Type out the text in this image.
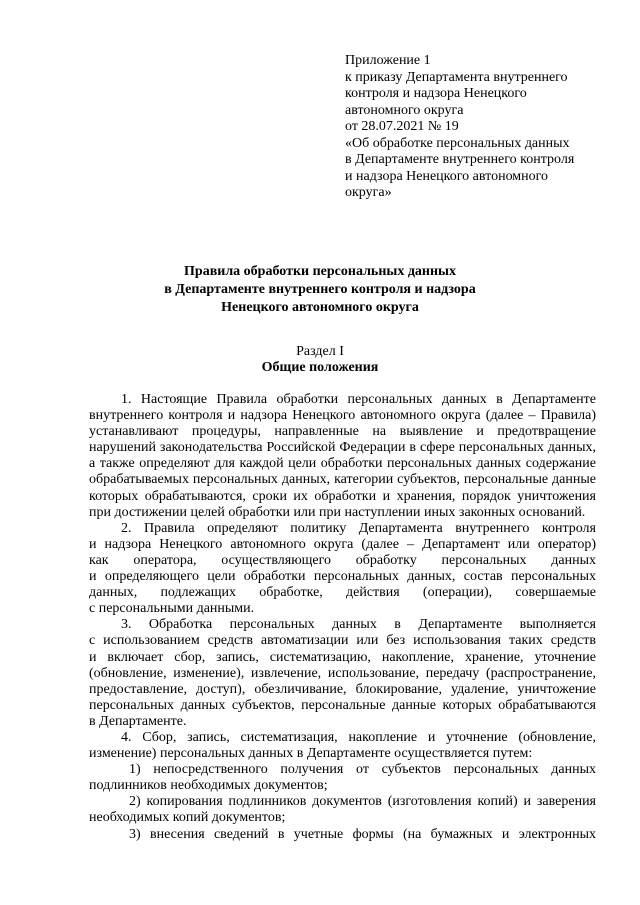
Приложение 1
к приказу Департамента внутреннего
контроля и надзора Ненецкого
автономного округа
от 28.07.2021 № 19
«Об обработке персональных данных
в Департаменте внутреннего контроля
и надзора Ненецкого автономного
округа»
Правила обработки персональных данных
в Департаменте внутреннего контроля и надзора
Ненецкого автономного округа
Раздел I
Общие положения
1. Настоящие Правила обработки персональных данных в Департаменте
внутреннего контроля и надзора Ненецкого автономного округа (далее – Правила)
устанавливают процедуры, направленные на выявление и предотвращение
нарушений законодательства Российской Федерации в сфере персональных данных,
а также определяют для каждой цели обработки персональных данных содержание
обрабатываемых персональных данных, категории субъектов, персональные данные
которых обрабатываются, сроки их обработки и хранения, порядок уничтожения
при достижении целей обработки или при наступлении иных законных оснований.
2. Правила определяют политику Департамента внутреннего контроля
и надзора Ненецкого автономного округа (далее – Департамент или оператор)
как оператора, осуществляющего обработку персональных данных
и определяющего цели обработки персональных данных, состав персональных
данных, подлежащих обработке, действия (операции), совершаемые
с персональными данными.
3. Обработка персональных данных в Департаменте выполняется
с использованием средств автоматизации или без использования таких средств
и включает сбор, запись, систематизацию, накопление, хранение, уточнение
(обновление, изменение), извлечение, использование, передачу (распространение,
предоставление, доступ), обезличивание, блокирование, удаление, уничтожение
персональных данных субъектов, персональные данные которых обрабатываются
в Департаменте.
4. Сбор, запись, систематизация, накопление и уточнение (обновление,
изменение) персональных данных в Департаменте осуществляется путем:
1) непосредственного получения от субъектов персональных данных
подлинников необходимых документов;
2) копирования подлинников документов (изготовления копий) и заверения
необходимых копий документов;
3) внесения сведений в учетные формы (на бумажных и электронных
